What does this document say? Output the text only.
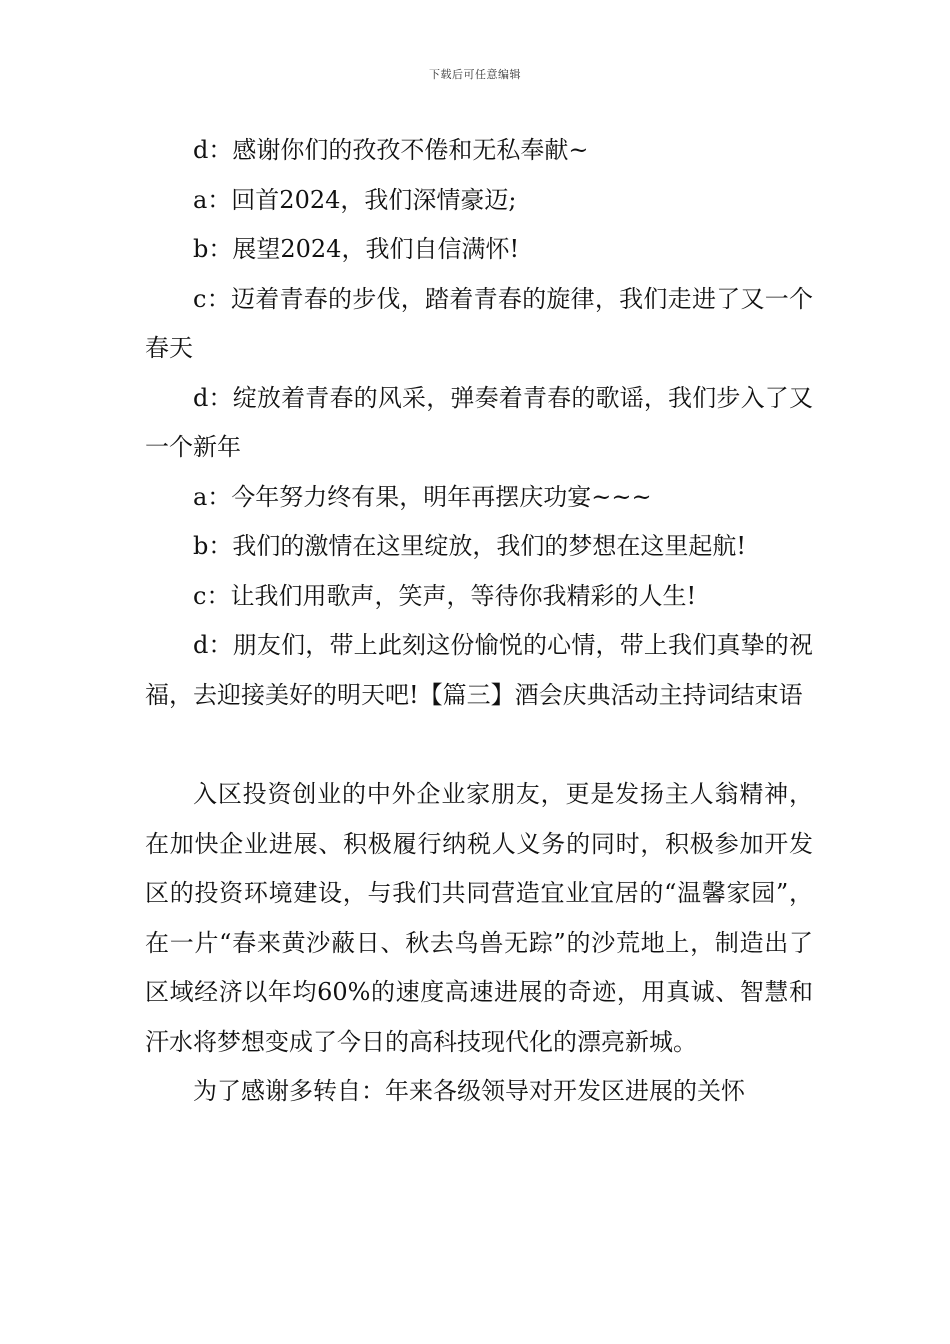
下载后可任意编辑

d：感谢你们的孜孜不倦和无私奉献~

a：回首2024，我们深情豪迈;

b：展望2024，我们自信满怀!

c：迈着青春的步伐，踏着青春的旋律，我们走进了又一个春天

d：绽放着青春的风采，弹奏着青春的歌谣，我们步入了又一个新年

a：今年努力终有果，明年再摆庆功宴~~~

b：我们的激情在这里绽放，我们的梦想在这里起航!

c：让我们用歌声，笑声，等待你我精彩的人生!

d：朋友们，带上此刻这份愉悦的心情，带上我们真挚的祝福，去迎接美好的明天吧!【篇三】酒会庆典活动主持词结束语

入区投资创业的中外企业家朋友，更是发扬主人翁精神，在加快企业进展、积极履行纳税人义务的同时，积极参加开发区的投资环境建设，与我们共同营造宜业宜居的“温馨家园”，在一片“春来黄沙蔽日、秋去鸟兽无踪”的沙荒地上，制造出了区域经济以年均60%的速度高速进展的奇迹，用真诚、智慧和汗水将梦想变成了今日的高科技现代化的漂亮新城。

为了感谢多转自：年来各级领导对开发区进展的关怀
